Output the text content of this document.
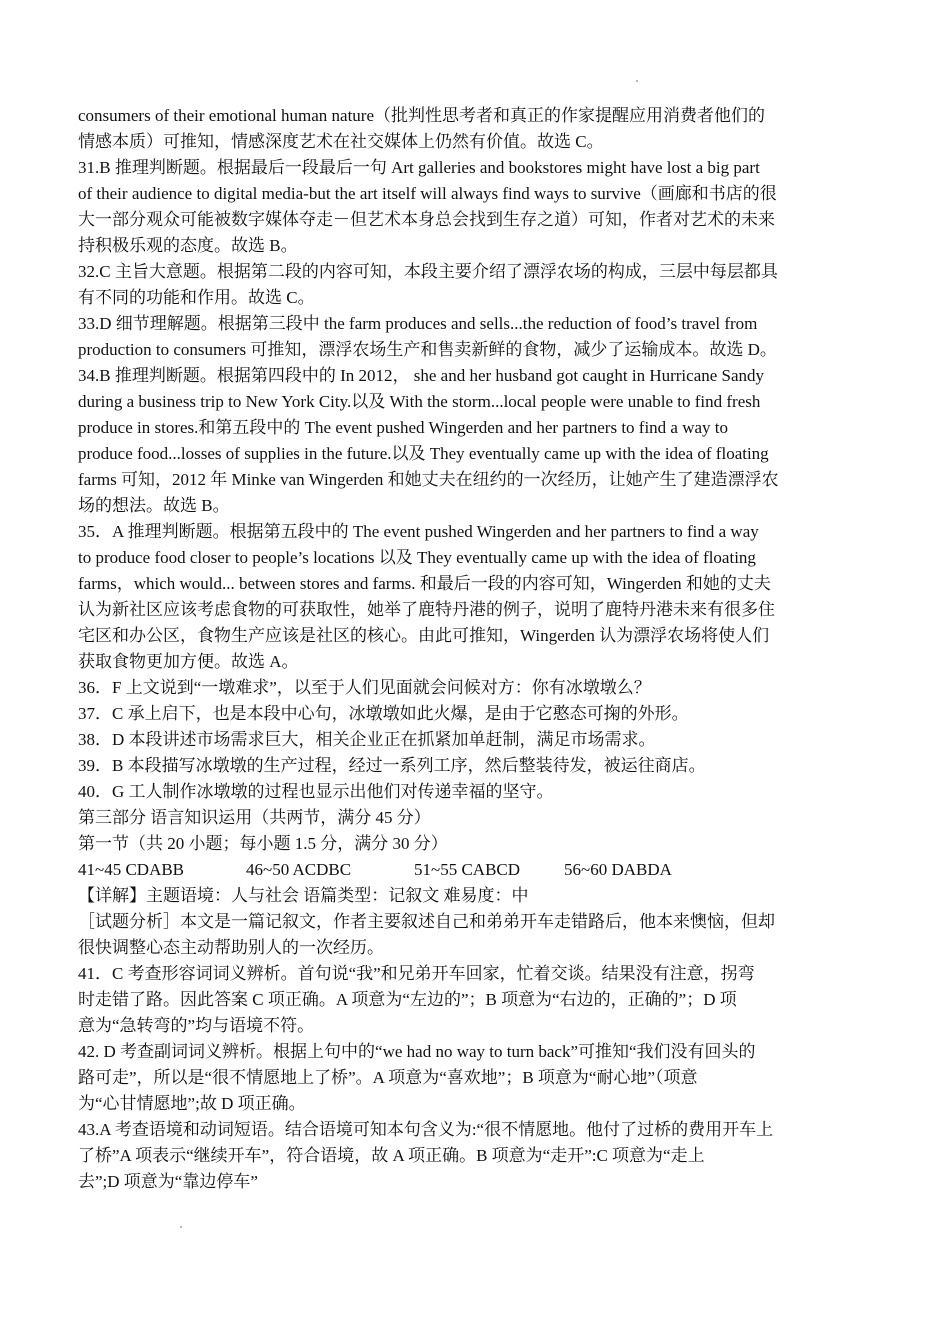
consumers of their emotional human nature（批判性思考者和真正的作家提醒应用消费者他们的
情感本质）可推知，情感深度艺术在社交媒体上仍然有价值。故选 C。
31.B 推理判断题。根据最后一段最后一句 Art galleries and bookstores might have lost a big part
of their audience to digital media-but the art itself will always find ways to survive（画廊和书店的很
大一部分观众可能被数字媒体夺走－但艺术本身总会找到生存之道）可知，作者对艺术的未来
持积极乐观的态度。故选 B。
32.C 主旨大意题。根据第二段的内容可知，本段主要介绍了漂浮农场的构成，三层中每层都具
有不同的功能和作用。故选 C。
33.D 细节理解题。根据第三段中 the farm produces and sells...the reduction of food’s travel from
production to consumers 可推知，漂浮农场生产和售卖新鲜的食物，减少了运输成本。故选 D。
34.B 推理判断题。根据第四段中的 In 2012， she and her husband got caught in Hurricane Sandy
during a business trip to New York City.以及 With the storm...local people were unable to find fresh
produce in stores.和第五段中的 The event pushed Wingerden and her partners to find a way to
produce food...losses of supplies in the future.以及 They eventually came up with the idea of floating
farms 可知，2012 年 Minke van Wingerden 和她丈夫在纽约的一次经历，让她产生了建造漂浮农
场的想法。故选 B。
35．A 推理判断题。根据第五段中的 The event pushed Wingerden and her partners to find a way
to produce food closer to people’s locations 以及 They eventually came up with the idea of floating
farms，which would... between stores and farms. 和最后一段的内容可知，Wingerden 和她的丈夫
认为新社区应该考虑食物的可获取性，她举了鹿特丹港的例子，说明了鹿特丹港未来有很多住
宅区和办公区，食物生产应该是社区的核心。由此可推知，Wingerden 认为漂浮农场将使人们
获取食物更加方便。故选 A。
36．F 上文说到“一墩难求”，以至于人们见面就会问候对方：你有冰墩墩么？
37．C 承上启下，也是本段中心句，冰墩墩如此火爆，是由于它憨态可掬的外形。
38．D 本段讲述市场需求巨大，相关企业正在抓紧加单赶制，满足市场需求。
39．B 本段描写冰墩墩的生产过程，经过一系列工序，然后整装待发，被运往商店。
40．G 工人制作冰墩墩的过程也显示出他们对传递幸福的坚守。
第三部分 语言知识运用（共两节，满分 45 分）
第一节（共 20 小题；每小题 1.5 分，满分 30 分）
41~45 CDABB	46~50 ACDBC	51~55 CABCD	56~60 DABDA
【详解】主题语境：人与社会 语篇类型：记叙文 难易度：中
［试题分析］本文是一篇记叙文，作者主要叙述自己和弟弟开车走错路后，他本来懊恼，但却
很快调整心态主动帮助别人的一次经历。
41．C 考查形容词词义辨析。首句说“我”和兄弟开车回家，忙着交谈。结果没有注意，拐弯
时走错了路。因此答案 C 项正确。A 项意为“左边的”；B 项意为“右边的，正确的”；D 项
意为“急转弯的”均与语境不符。
42. D 考查副词词义辨析。根据上句中的“we had no way to turn back”可推知“我们没有回头的
路可走”，所以是“很不情愿地上了桥”。A 项意为“喜欢地”；B 项意为“耐心地”（项意
为“心甘情愿地”;故 D 项正确。
43.A 考查语境和动词短语。结合语境可知本句含义为:“很不情愿地。他付了过桥的费用开车上
了桥”A 项表示“继续开车”，符合语境，故 A 项正确。B 项意为“走开”:C 项意为“走上
去”;D 项意为“靠边停车”
